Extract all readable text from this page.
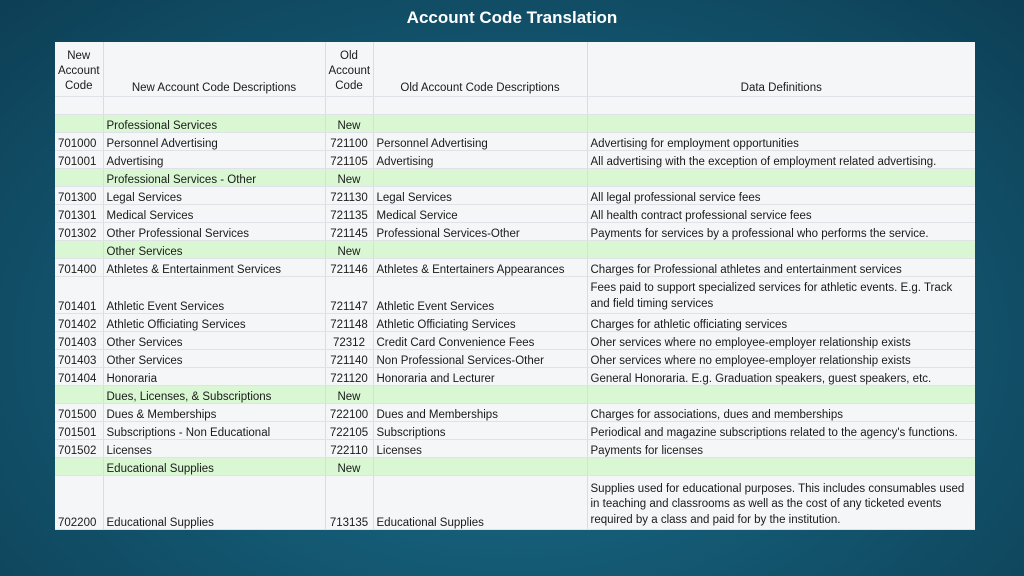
Account Code Translation
New Account Code	New Account Code Descriptions	Old Account Code	Old Account Code Descriptions	Data Definitions

	Professional Services	New		
701000	Personnel Advertising	721100	Personnel Advertising	Advertising for employment opportunities
701001	Advertising	721105	Advertising	All advertising with the exception of employment related advertising.
	Professional Services - Other	New		
701300	Legal Services	721130	Legal Services	All legal professional service fees
701301	Medical Services	721135	Medical Service	All health contract professional service fees
701302	Other Professional Services	721145	Professional Services-Other	Payments for services by a professional who performs the service.
	Other Services	New		
701400	Athletes & Entertainment Services	721146	Athletes & Entertainers Appearances	Charges for Professional athletes and entertainment services
701401	Athletic Event Services	721147	Athletic Event Services	Fees paid to support specialized services for athletic events. E.g. Track and field timing services
701402	Athletic Officiating Services	721148	Athletic Officiating Services	Charges for athletic officiating services
701403	Other Services	72312	Credit Card Convenience Fees	Oher services where no employee-employer relationship exists
701403	Other Services	721140	Non Professional Services-Other	Oher services where no employee-employer relationship exists
701404	Honoraria	721120	Honoraria and Lecturer	General Honoraria. E.g. Graduation speakers, guest speakers, etc.
	Dues, Licenses, & Subscriptions	New		
701500	Dues & Memberships	722100	Dues and Memberships	Charges for associations, dues and memberships
701501	Subscriptions - Non Educational	722105	Subscriptions	Periodical and magazine subscriptions related to the agency's functions.
701502	Licenses	722110	Licenses	Payments for licenses
	Educational Supplies	New		
702200	Educational Supplies	713135	Educational Supplies	Supplies used for educational purposes. This includes consumables used in teaching and classrooms as well as the cost of any ticketed events required by a class and paid for by the institution.
